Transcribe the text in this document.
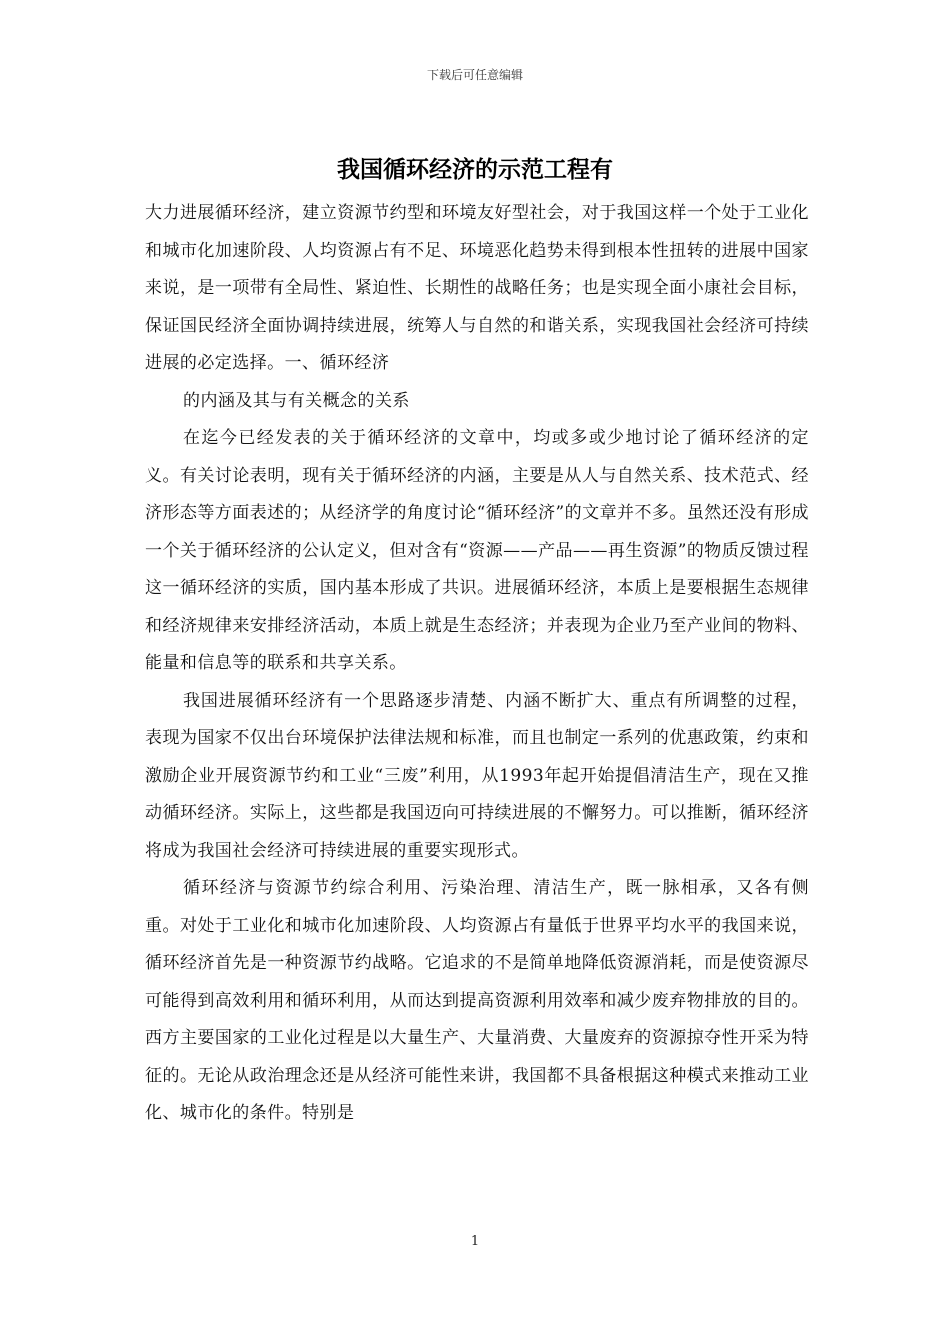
下载后可任意编辑
我国循环经济的示范工程有

大力进展循环经济，建立资源节约型和环境友好型社会，对于我国这样一个处于工业化和城市化加速阶段、人均资源占有不足、环境恶化趋势未得到根本性扭转的进展中国家来说，是一项带有全局性、紧迫性、长期性的战略任务；也是实现全面小康社会目标，保证国民经济全面协调持续进展，统筹人与自然的和谐关系，实现我国社会经济可持续进展的必定选择。一、循环经济

的内涵及其与有关概念的关系

在迄今已经发表的关于循环经济的文章中，均或多或少地讨论了循环经济的定义。有关讨论表明，现有关于循环经济的内涵，主要是从人与自然关系、技术范式、经济形态等方面表述的；从经济学的角度讨论“循环经济”的文章并不多。虽然还没有形成一个关于循环经济的公认定义，但对含有“资源——产品——再生资源”的物质反馈过程这一循环经济的实质，国内基本形成了共识。进展循环经济，本质上是要根据生态规律和经济规律来安排经济活动，本质上就是生态经济；并表现为企业乃至产业间的物料、能量和信息等的联系和共享关系。

我国进展循环经济有一个思路逐步清楚、内涵不断扩大、重点有所调整的过程，表现为国家不仅出台环境保护法律法规和标准，而且也制定一系列的优惠政策，约束和激励企业开展资源节约和工业“三废”利用，从1993年起开始提倡清洁生产，现在又推动循环经济。实际上，这些都是我国迈向可持续进展的不懈努力。可以推断，循环经济将成为我国社会经济可持续进展的重要实现形式。

循环经济与资源节约综合利用、污染治理、清洁生产，既一脉相承，又各有侧重。对处于工业化和城市化加速阶段、人均资源占有量低于世界平均水平的我国来说，循环经济首先是一种资源节约战略。它追求的不是简单地降低资源消耗，而是使资源尽可能得到高效利用和循环利用，从而达到提高资源利用效率和减少废弃物排放的目的。西方主要国家的工业化过程是以大量生产、大量消费、大量废弃的资源掠夺性开采为特征的。无论从政治理念还是从经济可能性来讲，我国都不具备根据这种模式来推动工业化、城市化的条件。特别是

1
